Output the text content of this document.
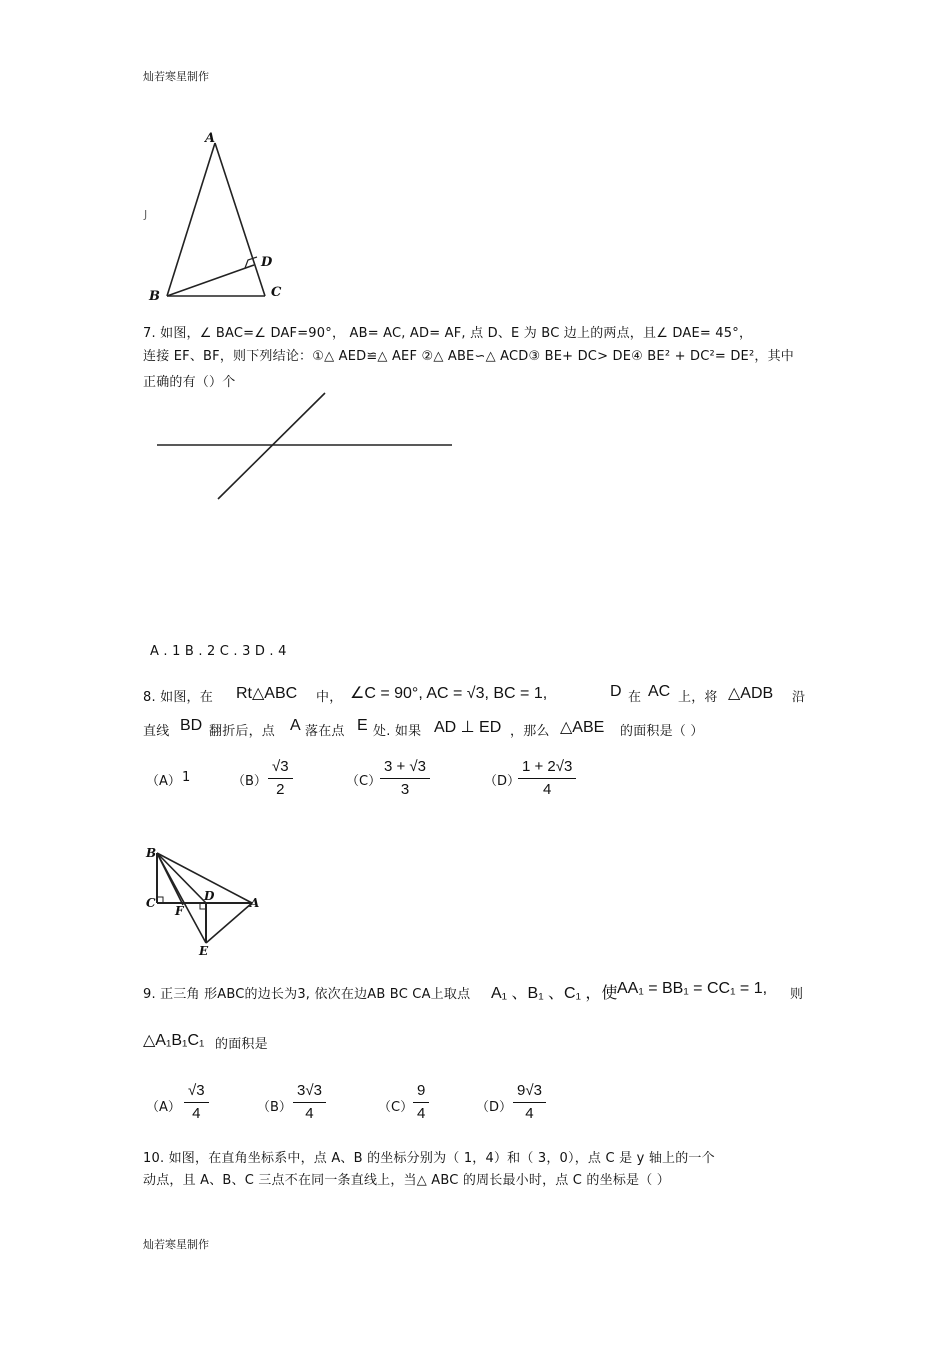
灿若寒星制作
A
B	C
D
J
7. 如图，∠ BAC=∠ DAF=90°， AB= AC, AD= AF, 点 D、E 为 BC 边上的两点，且∠ DAE= 45°，
连接 EF、BF，则下列结论：①△ AED≌△ AEF ②△ ABE∽△ ACD③ BE+ DC> DE④ BE² + DC²= DE²，其中
正确的有（）个
A . 1 B . 2 C . 3 D . 4
8. 如图，在 Rt△ABC 中， ∠C = 90°, AC = √3, BC = 1,	D 在 AC 上，将 △ADB 沿
直线 BD 翻折后，点 A 落在点 E 处. 如果 AD ⊥ ED ，那么 △ABE 的面积是（ ）
（A） 1	$(B) \frac{√3}{2}$	（C）
$\frac{3 + √3}{3}$	（D）
$\frac{1 + 2√3}{4}$
B
C
F
D	A
E
9. 正三角 形ABC的边长为3, 依次在边AB BC CA上取点 A₁ 、B₁ 、C₁ ，使 AA₁ = BB₁ = CC₁ = 1, 则
△A₁B₁C₁ 的面积是
$(A) \frac{√3}{4}$	$(B) \frac{3√3}{4}$	$(C) \frac{9}{4}$	$(D) \frac{9√3}{4}$
10. 如图，在直角坐标系中，点 A、B 的坐标分别为（ 1，4）和（ 3，0），点 C 是 y 轴上的一个
动点，且 A、B、C 三点不在同一条直线上，当△ ABC 的周长最小时，点 C 的坐标是（ ）
灿若寒星制作
